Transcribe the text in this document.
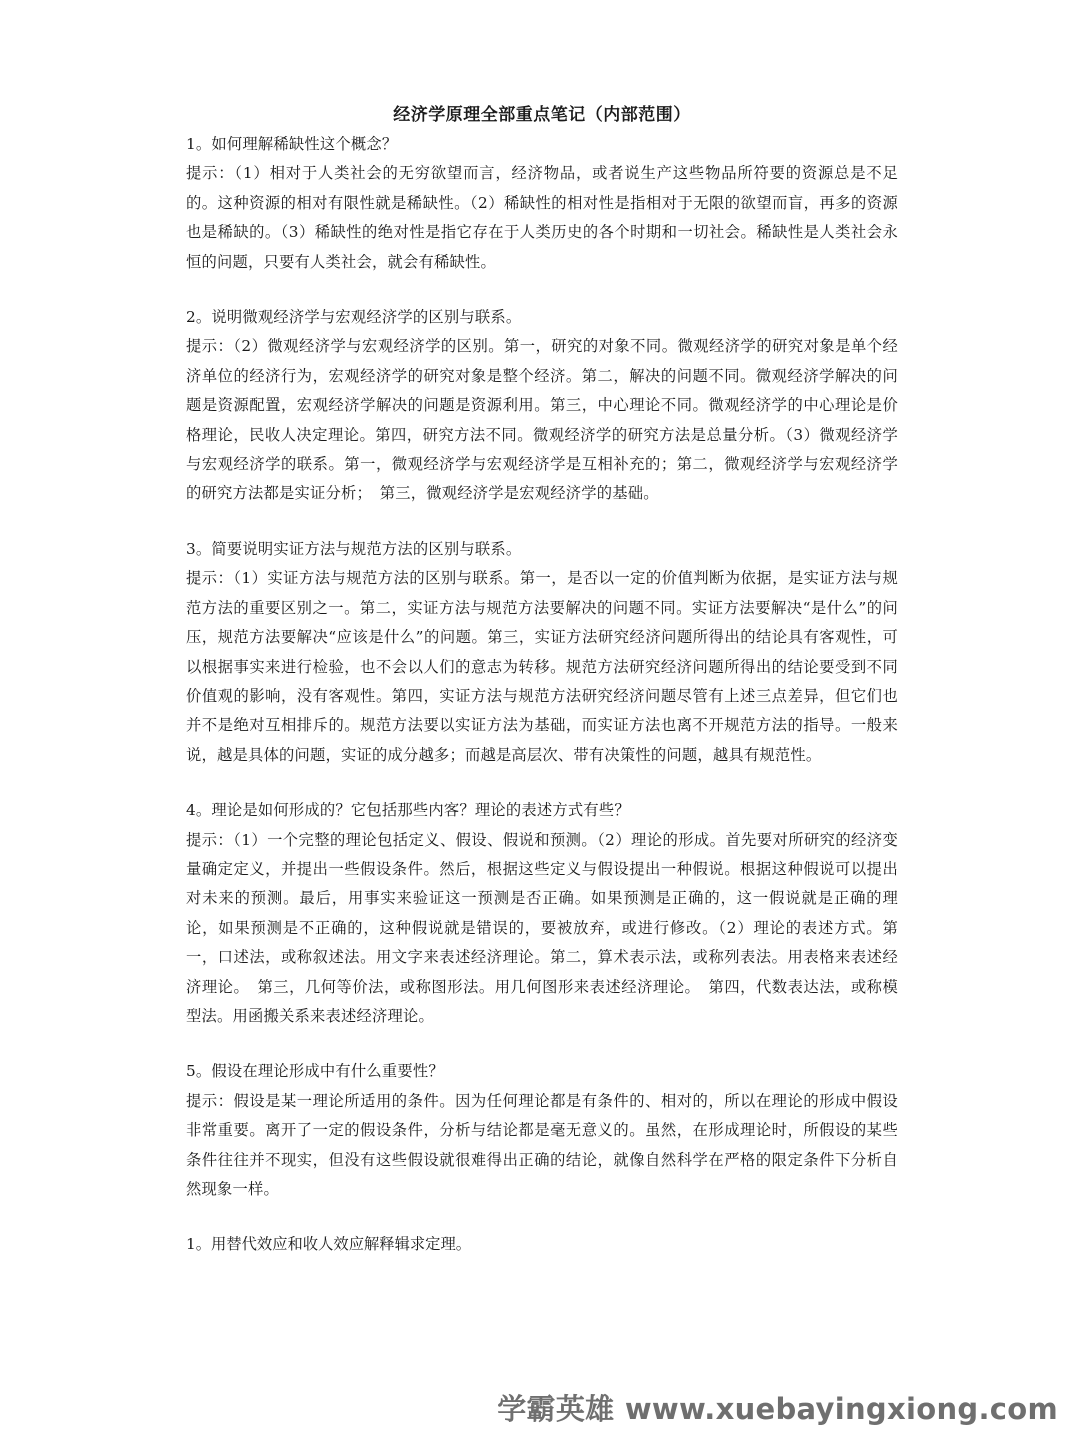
经济学原理全部重点笔记（内部范围）

1。如何理解稀缺性这个概念？

提示：（1）相对于人类社会的无穷欲望而言，经济物品，或者说生产这些物品所符要的资源总是不足的。这种资源的相对有限性就是稀缺性。（2）稀缺性的相对性是指相对于无限的欲望而盲，再多的资源也是稀缺的。（3）稀缺性的绝对性是指它存在于人类历史的各个时期和一切社会。稀缺性是人类社会永恒的问题，只要有人类社会，就会有稀缺性。

2。说明微观经济学与宏观经济学的区别与联系。

提示：（2）微观经济学与宏观经济学的区别。第一，研究的对象不同。微观经济学的研究对象是单个经济单位的经济行为，宏观经济学的研究对象是整个经济。第二，解决的问题不同。微观经济学解决的问题是资源配置，宏观经济学解决的问题是资源利用。第三，中心理论不同。微观经济学的中心理论是价格理论，民收人决定理论。第四，研究方法不同。微观经济学的研究方法是总量分析。（3）微观经济学与宏观经济学的联系。第一，微观经济学与宏观经济学是互相补充的；第二，微观经济学与宏观经济学的研究方法都是实证分析；　第三，微观经济学是宏观经济学的基础。

3。简要说明实证方法与规范方法的区别与联系。

提示：（1）实证方法与规范方法的区别与联系。第一，是否以一定的价值判断为依据，是实证方法与规范方法的重要区别之一。第二，实证方法与规范方法要解决的问题不同。实证方法要解决“是什么”的问压，规范方法要解决“应该是什么”的问题。第三，实证方法研究经济问题所得出的结论具有客观性，可以根据事实来进行检验，也不会以人们的意志为转移。规范方法研究经济问题所得出的结论要受到不同价值观的影响，没有客观性。第四，实证方法与规范方法研究经济问题尽管有上述三点差异，但它们也并不是绝对互相排斥的。规范方法要以实证方法为基础，而实证方法也离不开规范方法的指导。一般来说，越是具体的问题，实证的成分越多；而越是高层次、带有决策性的问题，越具有规范性。

4。理论是如何形成的？它包括那些内客？理论的表述方式有些？

提示：（1）一个完整的理论包括定义、假设、假说和预测。（2）理论的形成。首先要对所研究的经济变量确定定义，并提出一些假设条件。然后，根据这些定义与假设提出一种假说。根据这种假说可以提出对未来的预测。最后，用事实来验证这一预测是否正确。如果预测是正确的，这一假说就是正确的理论，如果预测是不正确的，这种假说就是错误的，要被放弃，或进行修改。（2）理论的表述方式。第一，口述法，或称叙述法。用文字来表述经济理论。第二，算术表示法，或称列表法。用表格来表述经济理论。　第三，几何等价法，或称图形法。用几何图形来表述经济理论。　第四，代数表达法，或称模型法。用函搬关系来表述经济理论。

5。假设在理论形成中有什么重要性？

提示：假设是某一理论所适用的条件。因为任何理论都是有条件的、相对的，所以在理论的形成中假设非常重要。离开了一定的假设条件，分析与结论都是毫无意义的。虽然，在形成理论时，所假设的某些条件往往并不现实，但没有这些假设就很难得出正确的结论，就像自然科学在严格的限定条件下分析自然现象一样。

1。用替代效应和收人效应解释辑求定理。

学霸英雄 www.xuebayingxiong.com
